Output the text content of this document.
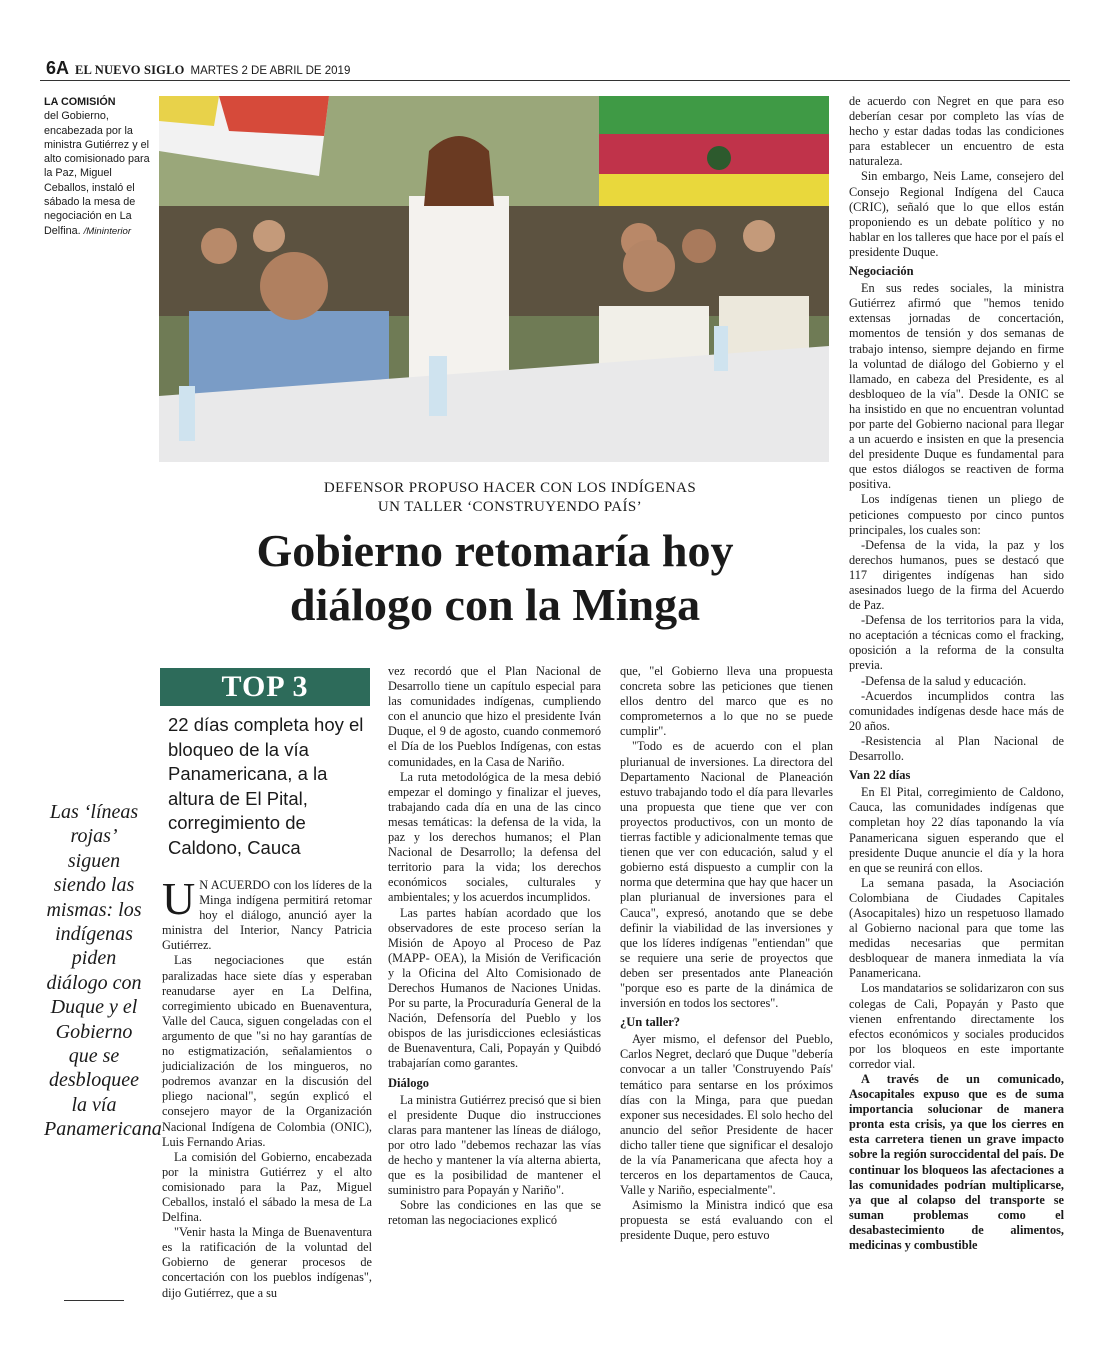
6A EL NUEVO SIGLO MARTES 2 DE ABRIL DE 2019
LA COMISIÓN
del Gobierno, encabezada por la ministra Gutiérrez y el alto comisionado para la Paz, Miguel Ceballos, instaló el sábado la mesa de negociación en La Delfina. /Mininterior
DEFENSOR PROPUSO HACER CON LOS INDÍGENAS
UN TALLER ‘CONSTRUYENDO PAÍS’
Gobierno retomaría hoy
diálogo con la Minga
TOP 3
22 días completa hoy el bloqueo de la vía Panamericana, a la altura de El Pital, corregimiento de Caldono, Cauca
Las ‘líneas rojas’ siguen siendo las mismas: los indígenas piden diálogo con Duque y el Gobierno que se desbloquee la vía Panamericana

U N ACUERDO con los líderes de la Minga indígena permitirá retomar hoy el diálogo, anunció ayer la ministra del Interior, Nancy Patricia Gutiérrez.

Las negociaciones que están paralizadas hace siete días y esperaban reanudarse ayer en La Delfina, corregimiento ubicado en Buenaventura, Valle del Cauca, siguen congeladas con el argumento de que "si no hay garantías de no estigmatización, señalamientos o judicialización de los mingueros, no podremos avanzar en la discusión del pliego nacional", según explicó el consejero mayor de la Organización Nacional Indígena de Colombia (ONIC), Luis Fernando Arias.

La comisión del Gobierno, encabezada por la ministra Gutiérrez y el alto comisionado para la Paz, Miguel Ceballos, instaló el sábado la mesa de La Delfina.

"Venir hasta la Minga de Buenaventura es la ratificación de la voluntad del Gobierno de generar procesos de concertación con los pueblos indígenas", dijo Gutiérrez, que a su

vez recordó que el Plan Nacional de Desarrollo tiene un capítulo especial para las comunidades indígenas, cumpliendo con el anuncio que hizo el presidente Iván Duque, el 9 de agosto, cuando conmemoró el Día de los Pueblos Indígenas, con estas comunidades, en la Casa de Nariño.

La ruta metodológica de la mesa debió empezar el domingo y finalizar el jueves, trabajando cada día en una de las cinco mesas temáticas: la defensa de la vida, la paz y los derechos humanos; el Plan Nacional de Desarrollo; la defensa del territorio para la vida; los derechos económicos sociales, culturales y ambientales; y los acuerdos incumplidos.

Las partes habían acordado que los observadores de este proceso serían la Misión de Apoyo al Proceso de Paz (MAPP- OEA), la Misión de Verificación y la Oficina del Alto Comisionado de Derechos Humanos de Naciones Unidas. Por su parte, la Procuraduría General de la Nación, Defensoría del Pueblo y los obispos de las jurisdicciones eclesiásticas de Buenaventura, Cali, Popayán y Quibdó trabajarían como garantes.

Diálogo

La ministra Gutiérrez precisó que si bien el presidente Duque dio instrucciones claras para mantener las líneas de diálogo, por otro lado "debemos rechazar las vías de hecho y mantener la vía alterna abierta, que es la posibilidad de mantener el suministro para Popayán y Nariño".

Sobre las condiciones en las que se retoman las negociaciones explicó

que, "el Gobierno lleva una propuesta concreta sobre las peticiones que tienen ellos dentro del marco que es no comprometernos a lo que no se puede cumplir".

"Todo es de acuerdo con el plan plurianual de inversiones. La directora del Departamento Nacional de Planeación estuvo trabajando todo el día para llevarles una propuesta que tiene que ver con proyectos productivos, con un monto de tierras factible y adicionalmente temas que tienen que ver con educación, salud y el gobierno está dispuesto a cumplir con la norma que determina que hay que hacer un plan plurianual de inversiones para el Cauca", expresó, anotando que se debe definir la viabilidad de las inversiones y que los líderes indígenas "entiendan" que se requiere una serie de proyectos que deben ser presentados ante Planeación "porque eso es parte de la dinámica de inversión en todos los sectores".

¿Un taller?

Ayer mismo, el defensor del Pueblo, Carlos Negret, declaró que Duque "debería convocar a un taller 'Construyendo País' temático para sentarse en los próximos días con la Minga, para que puedan exponer sus necesidades. El solo hecho del anuncio del señor Presidente de hacer dicho taller tiene que significar el desalojo de la vía Panamericana que afecta hoy a terceros en los departamentos de Cauca, Valle y Nariño, especialmente".

Asimismo la Ministra indicó que esa propuesta se está evaluando con el presidente Duque, pero estuvo

de acuerdo con Negret en que para eso deberían cesar por completo las vías de hecho y estar dadas todas las condiciones para establecer un encuentro de esta naturaleza.

Sin embargo, Neis Lame, consejero del Consejo Regional Indígena del Cauca (CRIC), señaló que lo que ellos están proponiendo es un debate político y no hablar en los talleres que hace por el país el presidente Duque.

Negociación

En sus redes sociales, la ministra Gutiérrez afirmó que "hemos tenido extensas jornadas de concertación, momentos de tensión y dos semanas de trabajo intenso, siempre dejando en firme la voluntad de diálogo del Gobierno y el llamado, en cabeza del Presidente, es al desbloqueo de la vía". Desde la ONIC se ha insistido en que no encuentran voluntad por parte del Gobierno nacional para llegar a un acuerdo e insisten en que la presencia del presidente Duque es fundamental para que estos diálogos se reactiven de forma positiva.

Los indígenas tienen un pliego de peticiones compuesto por cinco puntos principales, los cuales son:

-Defensa de la vida, la paz y los derechos humanos, pues se destacó que 117 dirigentes indígenas han sido asesinados luego de la firma del Acuerdo de Paz.

-Defensa de los territorios para la vida, no aceptación a técnicas como el fracking, oposición a la reforma de la consulta previa.

-Defensa de la salud y educación.

-Acuerdos incumplidos contra las comunidades indígenas desde hace más de 20 años.

-Resistencia al Plan Nacional de Desarrollo.

Van 22 días

En El Pital, corregimiento de Caldono, Cauca, las comunidades indígenas que completan hoy 22 días taponando la vía Panamericana siguen esperando que el presidente Duque anuncie el día y la hora en que se reunirá con ellos.

La semana pasada, la Asociación Colombiana de Ciudades Capitales (Asocapitales) hizo un respetuoso llamado al Gobierno nacional para que tome las medidas necesarias que permitan desbloquear de manera inmediata la vía Panamericana.

Los mandatarios se solidarizaron con sus colegas de Cali, Popayán y Pasto que vienen enfrentando directamente los efectos económicos y sociales producidos por los bloqueos en este importante corredor vial.

A través de un comunicado, Asocapitales expuso que es de suma importancia solucionar de manera pronta esta crisis, ya que los cierres en esta carretera tienen un grave impacto sobre la región suroccidental del país. De continuar los bloqueos las afectaciones a las comunidades podrían multiplicarse, ya que al colapso del transporte se suman problemas como el desabastecimiento de alimentos, medicinas y combustible
